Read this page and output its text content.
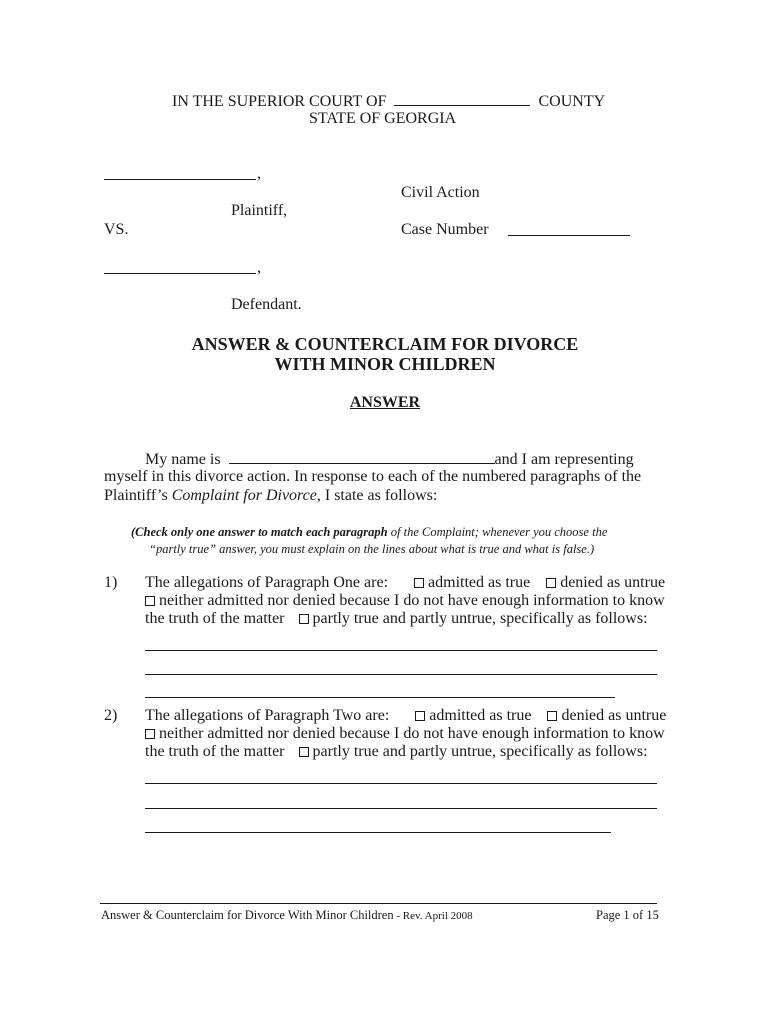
IN THE SUPERIOR COURT OF	COUNTY
STATE OF GEORGIA
,
Civil Action
Plaintiff,
VS.	Case Number
,
Defendant.
ANSWER & COUNTERCLAIM FOR DIVORCE
WITH MINOR CHILDREN
ANSWER
My name is	and I am representing
myself in this divorce action. In response to each of the numbered paragraphs of the
Plaintiff’s Complaint for Divorce, I state as follows:
(Check only one answer to match each paragraph of the Complaint; whenever you choose the
“partly true” answer, you must explain on the lines about what is true and what is false.)
1) The allegations of Paragraph One are:	admitted as true denied as untrue
neither admitted nor denied because I do not have enough information to know
the truth of the matter partly true and partly untrue, specifically as follows:
2) The allegations of Paragraph Two are:	admitted as true denied as untrue
neither admitted nor denied because I do not have enough information to know
the truth of the matter partly true and partly untrue, specifically as follows:
Answer & Counterclaim for Divorce With Minor Children - Rev. April 2008	Page 1 of 15
